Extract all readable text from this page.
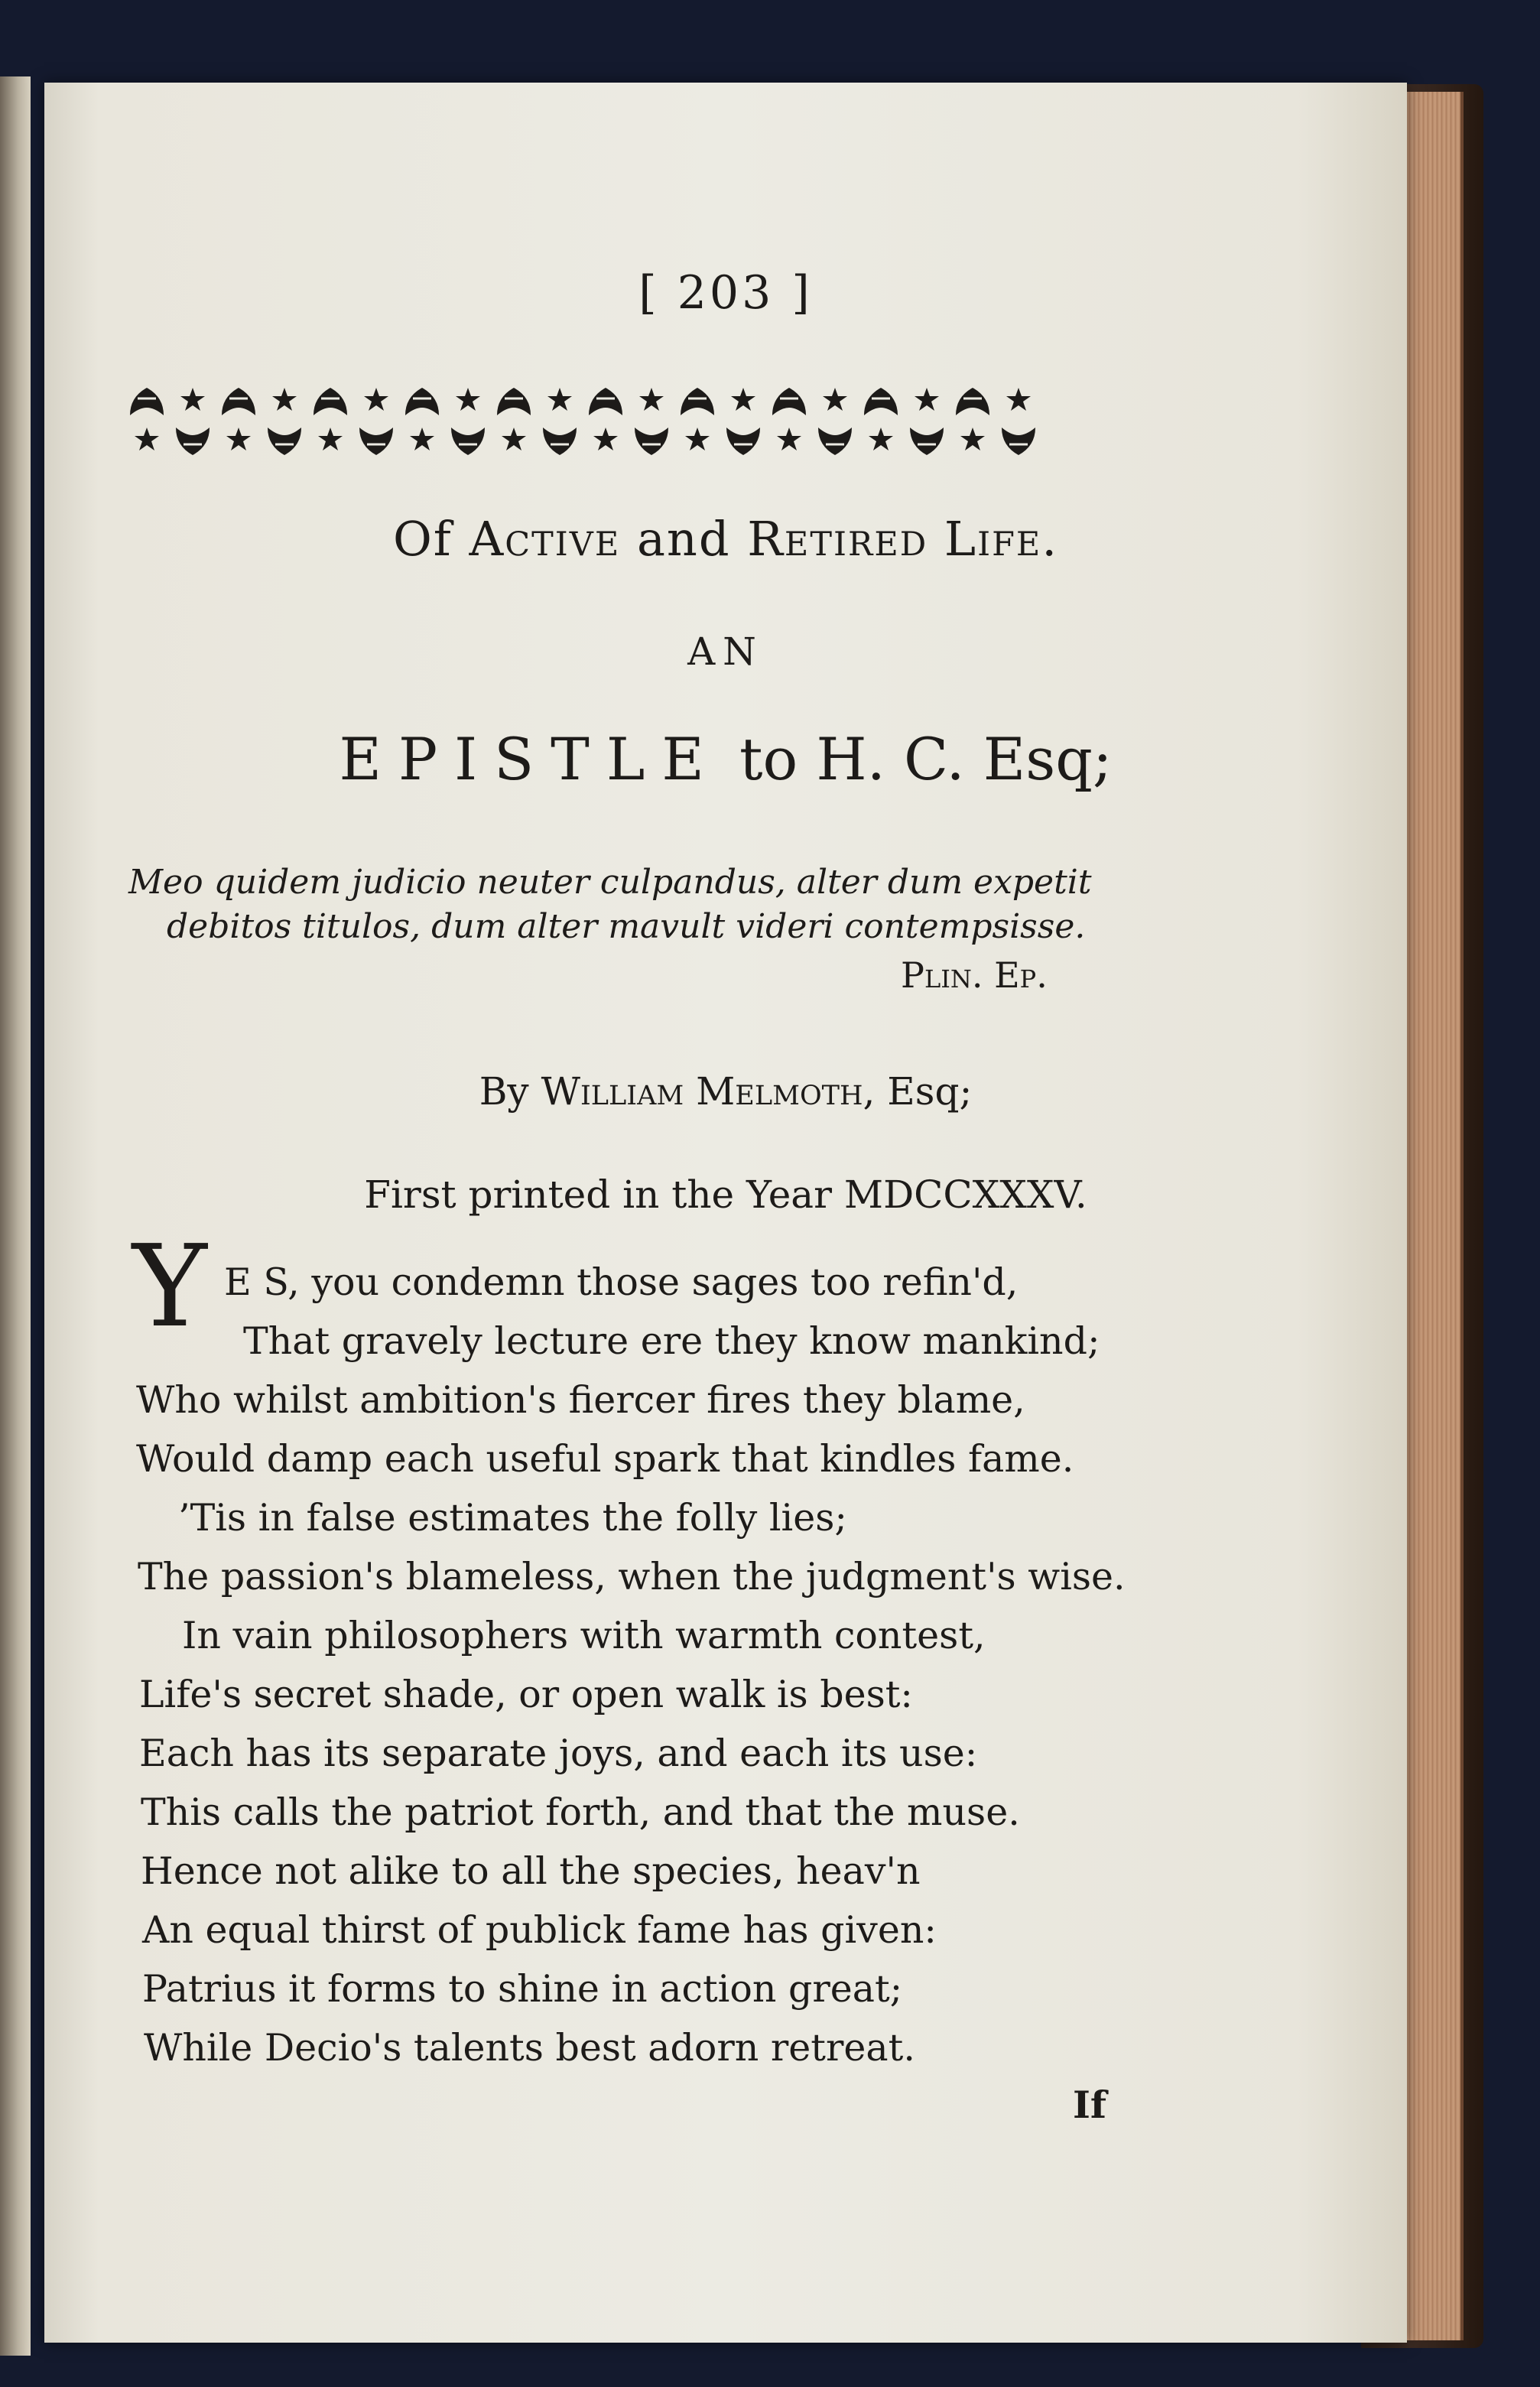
[ 203 ]
Of Active and Retired Life.
AN
EPISTLE to H. C. Esq;
Meo quidem judicio neuter culpandus, alter dum expetit
debitos titulos, dum alter mavult videri contempsisse.
Plin. Ep.
By William Melmoth, Esq;
First printed in the Year MDCCXXXV.
Y E S, you condemn those sages too refin'd,
That gravely lecture ere they know mankind;
Who whilst ambition's fiercer fires they blame,
Would damp each useful spark that kindles fame.
’Tis in false estimates the folly lies;
The passion's blameless, when the judgment's wise.
In vain philosophers with warmth contest,
Life's secret shade, or open walk is best:
Each has its separate joys, and each its use:
This calls the patriot forth, and that the muse.
Hence not alike to all the species, heav'n
An equal thirst of publick fame has given:
Patrius it forms to shine in action great;
While Decio's talents best adorn retreat.
If
